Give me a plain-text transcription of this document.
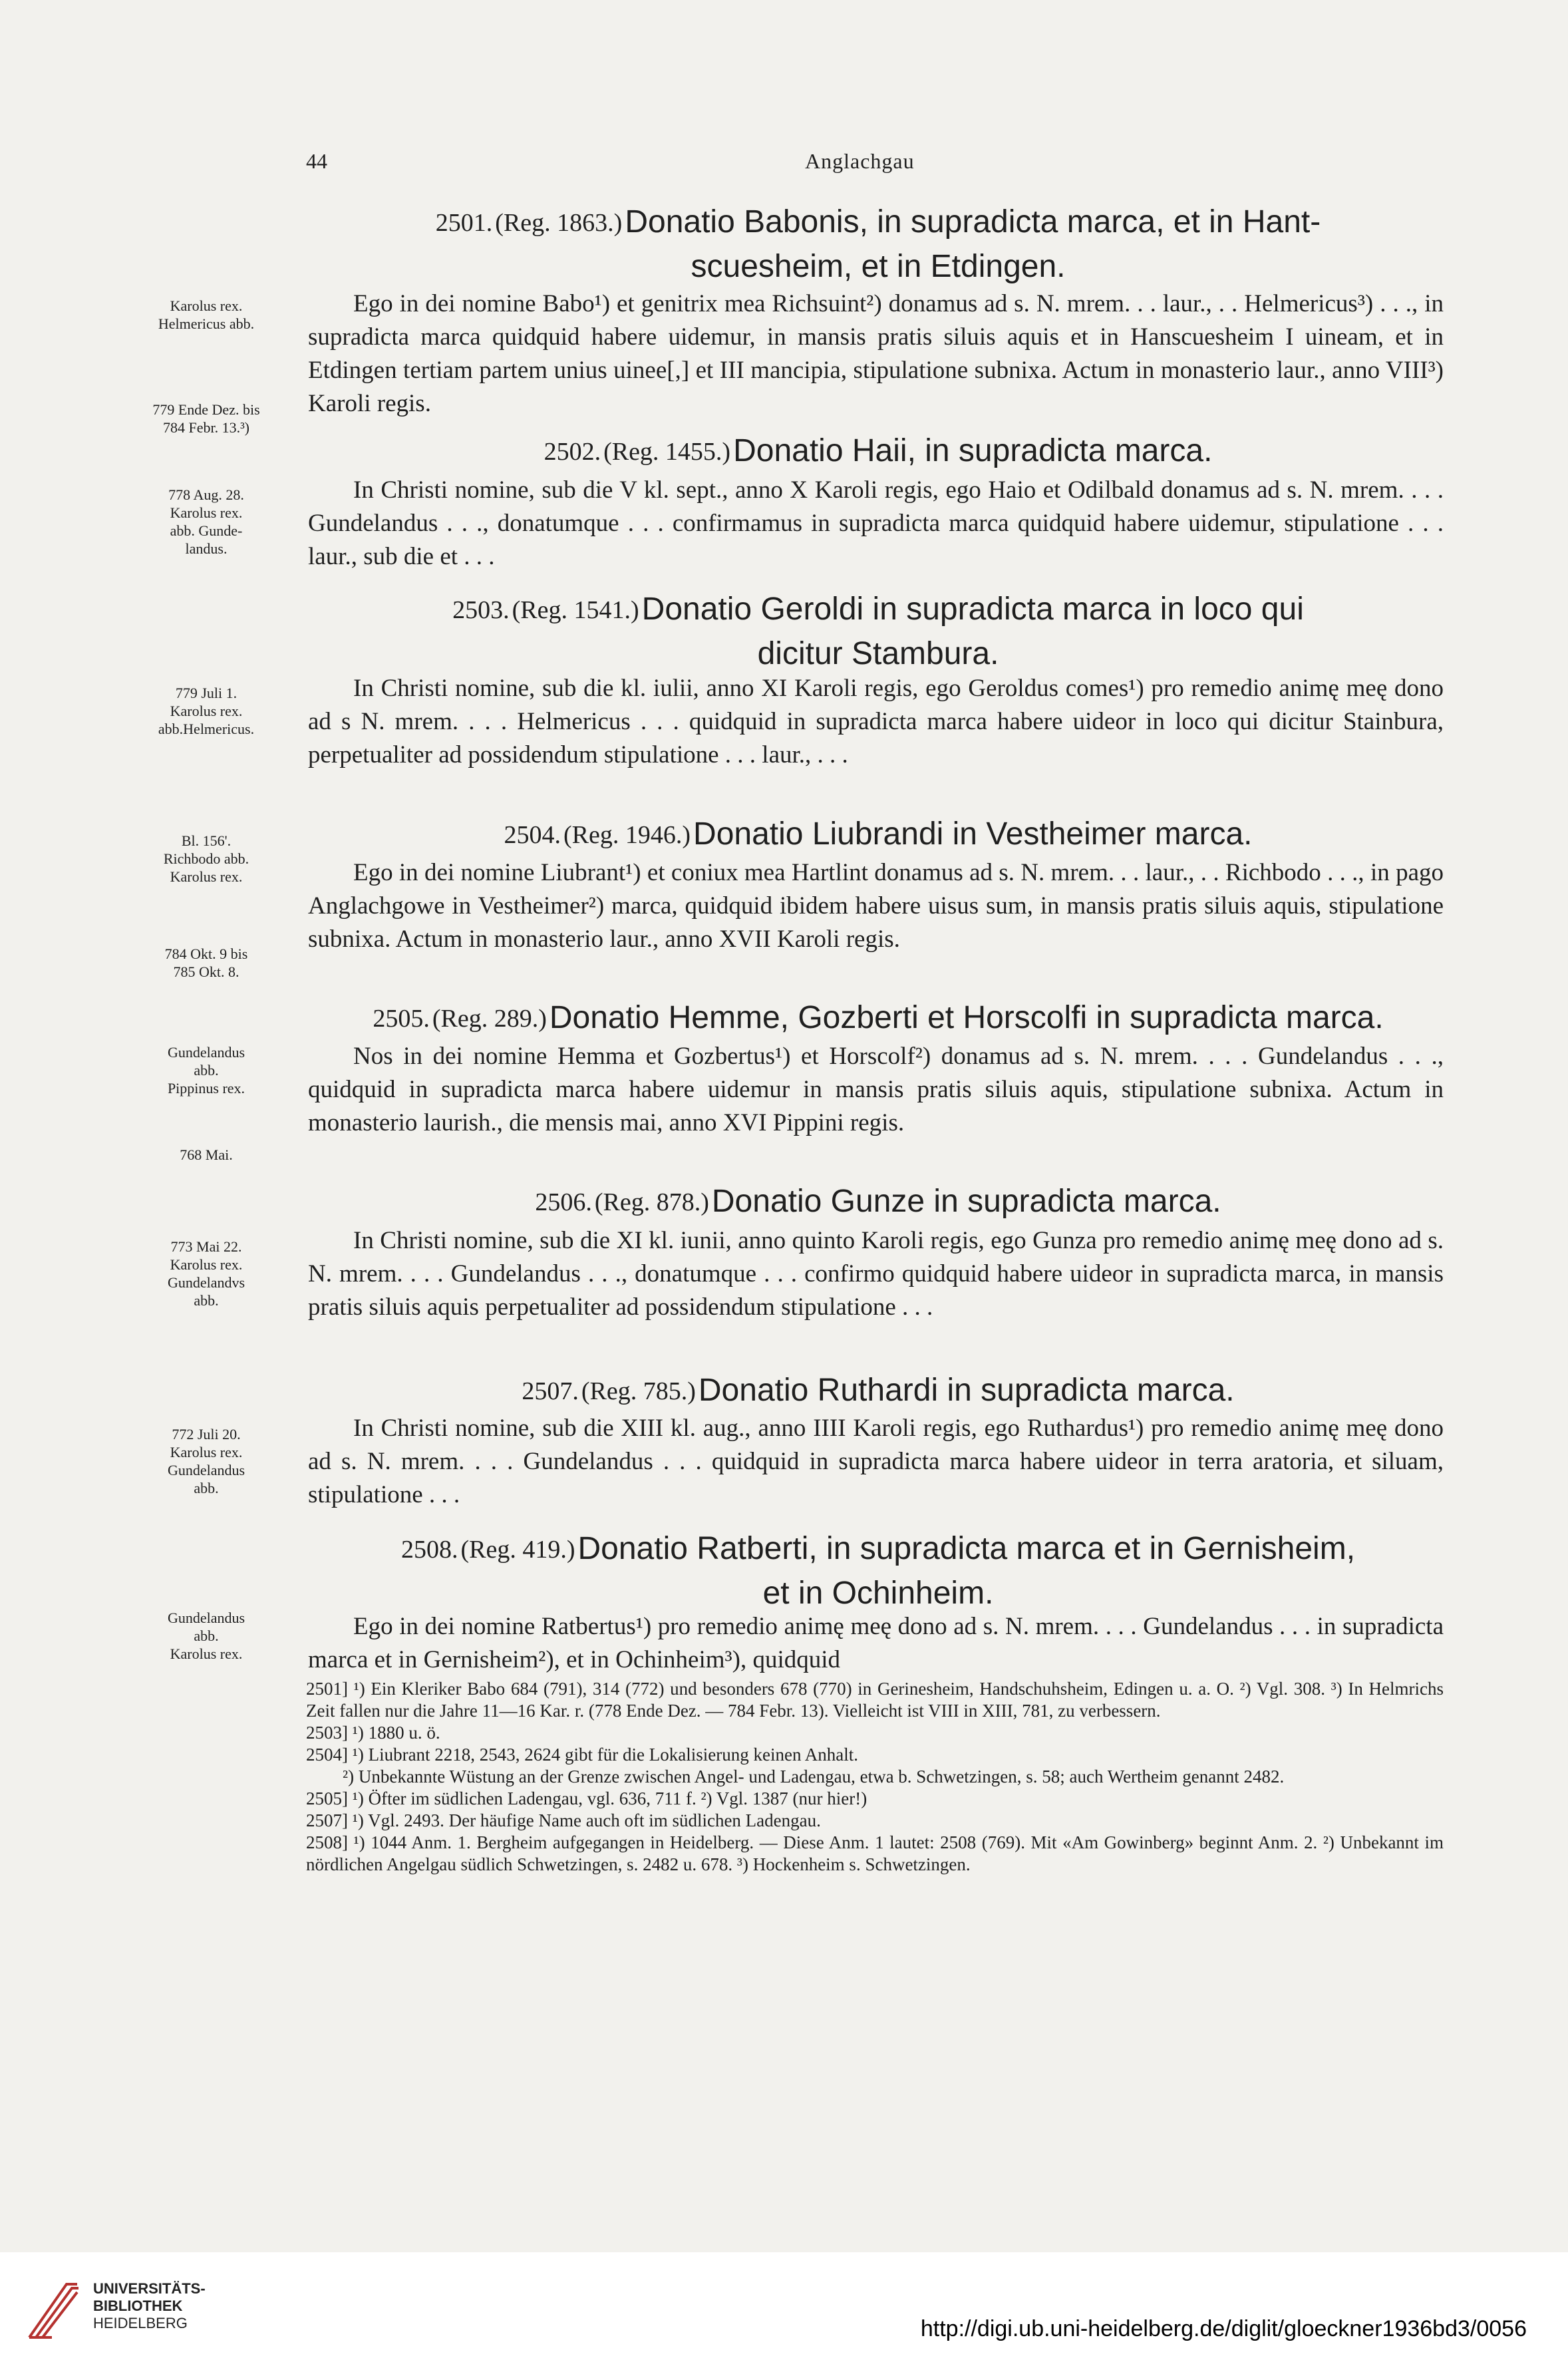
44	Anglachgau
2501. (Reg. 1863.) Donatio Babonis, in supradicta marca, et in Hant-
scuesheim, et in Etdingen.

Ego in dei nomine Babo¹) et genitrix mea Richsuint²) donamus ad s. N. mrem. . . laur., . . Helmericus³) . . ., in supradicta marca quidquid habere uidemur, in mansis pratis siluis aquis et in Hanscuesheim I uineam, et in Etdingen tertiam partem unius uinee[,] et III mancipia, stipulatione subnixa. Actum in monasterio laur., anno VIII³) Karoli regis.

2502. (Reg. 1455.) Donatio Haii, in supradicta marca.

In Christi nomine, sub die V kl. sept., anno X Karoli regis, ego Haio et Odilbald donamus ad s. N. mrem. . . . Gundelandus . . ., donatumque . . . confirmamus in supradicta marca quidquid habere uidemur, stipulatione . . . laur., sub die et . . .

2503. (Reg. 1541.) Donatio Geroldi in supradicta marca in loco qui
dicitur Stambura.

In Christi nomine, sub die kl. iulii, anno XI Karoli regis, ego Geroldus comes¹) pro remedio animę meę dono ad s N. mrem. . . . Helmericus . . . quidquid in supradicta marca habere uideor in loco qui dicitur Stainbura, perpetualiter ad possidendum stipulatione . . . laur., . . .

2504. (Reg. 1946.) Donatio Liubrandi in Vestheimer marca.

Ego in dei nomine Liubrant¹) et coniux mea Hartlint donamus ad s. N. mrem. . . laur., . . Richbodo . . ., in pago Anglachgowe in Vestheimer²) marca, quidquid ibidem habere uisus sum, in mansis pratis siluis aquis, stipulatione subnixa. Actum in monasterio laur., anno XVII Karoli regis.

2505. (Reg. 289.) Donatio Hemme, Gozberti et Horscolfi in supradicta marca.

Nos in dei nomine Hemma et Gozbertus¹) et Horscolf²) donamus ad s. N. mrem. . . . Gundelandus . . ., quidquid in supradicta marca habere uidemur in mansis pratis siluis aquis, stipulatione subnixa. Actum in monasterio laurish., die mensis mai, anno XVI Pippini regis.

2506. (Reg. 878.) Donatio Gunze in supradicta marca.

In Christi nomine, sub die XI kl. iunii, anno quinto Karoli regis, ego Gunza pro remedio animę meę dono ad s. N. mrem. . . . Gundelandus . . ., donatumque . . . confirmo quidquid habere uideor in supradicta marca, in mansis pratis siluis aquis perpetualiter ad possidendum stipulatione . . .

2507. (Reg. 785.) Donatio Ruthardi in supradicta marca.

In Christi nomine, sub die XIII kl. aug., anno IIII Karoli regis, ego Ruthardus¹) pro remedio animę meę dono ad s. N. mrem. . . . Gundelandus . . . quidquid in supradicta marca habere uideor in terra aratoria, et siluam, stipulatione . . .

2508. (Reg. 419.) Donatio Ratberti, in supradicta marca et in Gernisheim,
et in Ochinheim.

Ego in dei nomine Ratbertus¹) pro remedio animę meę dono ad s. N. mrem. . . . Gundelandus . . . in supradicta marca et in Gernisheim²), et in Ochinheim³), quidquid

Karolus rex.
Helmericus abb.
779 Ende Dez. bis
784 Febr. 13.³)
778 Aug. 28.
Karolus rex.
abb. Gunde-
landus.
779 Juli 1.
Karolus rex.
abb.Helmericus.
Bl. 156'.
Richbodo abb.
Karolus rex.
784 Okt. 9 bis
785 Okt. 8.
Gundelandus
abb.
Pippinus rex.
768 Mai.
773 Mai 22.
Karolus rex.
Gundelandvs
abb.
772 Juli 20.
Karolus rex.
Gundelandus
abb.
Gundelandus
abb.
Karolus rex.

2501] ¹) Ein Kleriker Babo 684 (791), 314 (772) und besonders 678 (770) in Gerinesheim, Handschuhsheim, Edingen u. a. O. ²) Vgl. 308. ³) In Helmrichs Zeit fallen nur die Jahre 11—16 Kar. r. (778 Ende Dez. — 784 Febr. 13). Vielleicht ist VIII in XIII, 781, zu verbessern.

2503] ¹) 1880 u. ö.

2504] ¹) Liubrant 2218, 2543, 2624 gibt für die Lokalisierung keinen Anhalt.

²) Unbekannte Wüstung an der Grenze zwischen Angel- und Ladengau, etwa b. Schwetzingen, s. 58; auch Wertheim genannt 2482.

2505] ¹) Öfter im südlichen Ladengau, vgl. 636, 711 f. ²) Vgl. 1387 (nur hier!)

2507] ¹) Vgl. 2493. Der häufige Name auch oft im südlichen Ladengau.

2508] ¹) 1044 Anm. 1. Bergheim aufgegangen in Heidelberg. — Diese Anm. 1 lautet: 2508 (769). Mit «Am Gowinberg» beginnt Anm. 2. ²) Unbekannt im nördlichen Angelgau südlich Schwetzingen, s. 2482 u. 678. ³) Hockenheim s. Schwetzingen.

UNIVERSITÄTS-
BIBLIOTHEK
HEIDELBERG	http://digi.ub.uni-heidelberg.de/diglit/gloeckner1936bd3/0056
